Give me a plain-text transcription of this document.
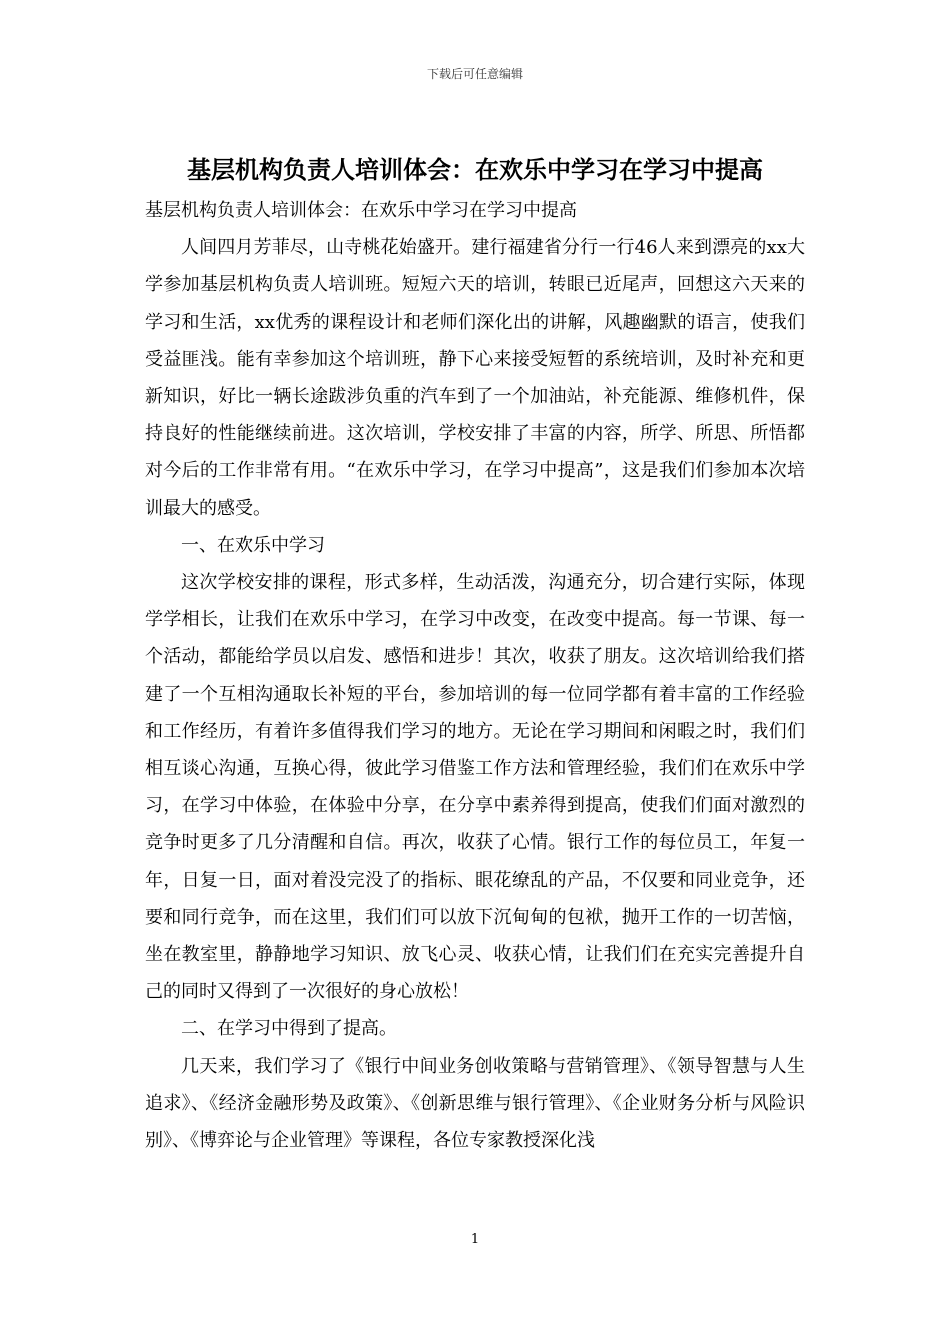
下载后可任意编辑
基层机构负责人培训体会：在欢乐中学习在学习中提高

基层机构负责人培训体会：在欢乐中学习在学习中提高

人间四月芳菲尽，山寺桃花始盛开。建行福建省分行一行46人来到漂亮的xx大学参加基层机构负责人培训班。短短六天的培训，转眼已近尾声，回想这六天来的学习和生活，xx优秀的课程设计和老师们深化出的讲解，风趣幽默的语言，使我们受益匪浅。能有幸参加这个培训班，静下心来接受短暂的系统培训，及时补充和更新知识，好比一辆长途跋涉负重的汽车到了一个加油站，补充能源、维修机件，保持良好的性能继续前进。这次培训，学校安排了丰富的内容，所学、所思、所悟都对今后的工作非常有用。“在欢乐中学习，在学习中提高”，这是我们们参加本次培训最大的感受。

一、在欢乐中学习

这次学校安排的课程，形式多样，生动活泼，沟通充分，切合建行实际，体现学学相长，让我们在欢乐中学习，在学习中改变，在改变中提高。每一节课、每一个活动，都能给学员以启发、感悟和进步！其次，收获了朋友。这次培训给我们搭建了一个互相沟通取长补短的平台，参加培训的每一位同学都有着丰富的工作经验和工作经历，有着许多值得我们学习的地方。无论在学习期间和闲暇之时，我们们相互谈心沟通，互换心得，彼此学习借鉴工作方法和管理经验，我们们在欢乐中学习，在学习中体验，在体验中分享，在分享中素养得到提高，使我们们面对激烈的竞争时更多了几分清醒和自信。再次，收获了心情。银行工作的每位员工，年复一年，日复一日，面对着没完没了的指标、眼花缭乱的产品，不仅要和同业竞争，还要和同行竞争，而在这里，我们们可以放下沉甸甸的包袱，抛开工作的一切苦恼，坐在教室里，静静地学习知识、放飞心灵、收获心情，让我们们在充实完善提升自己的同时又得到了一次很好的身心放松！

二、在学习中得到了提高。

几天来，我们学习了《银行中间业务创收策略与营销管理》、《领导智慧与人生追求》、《经济金融形势及政策》、《创新思维与银行管理》、《企业财务分析与风险识别》、《博弈论与企业管理》等课程，各位专家教授深化浅

1
